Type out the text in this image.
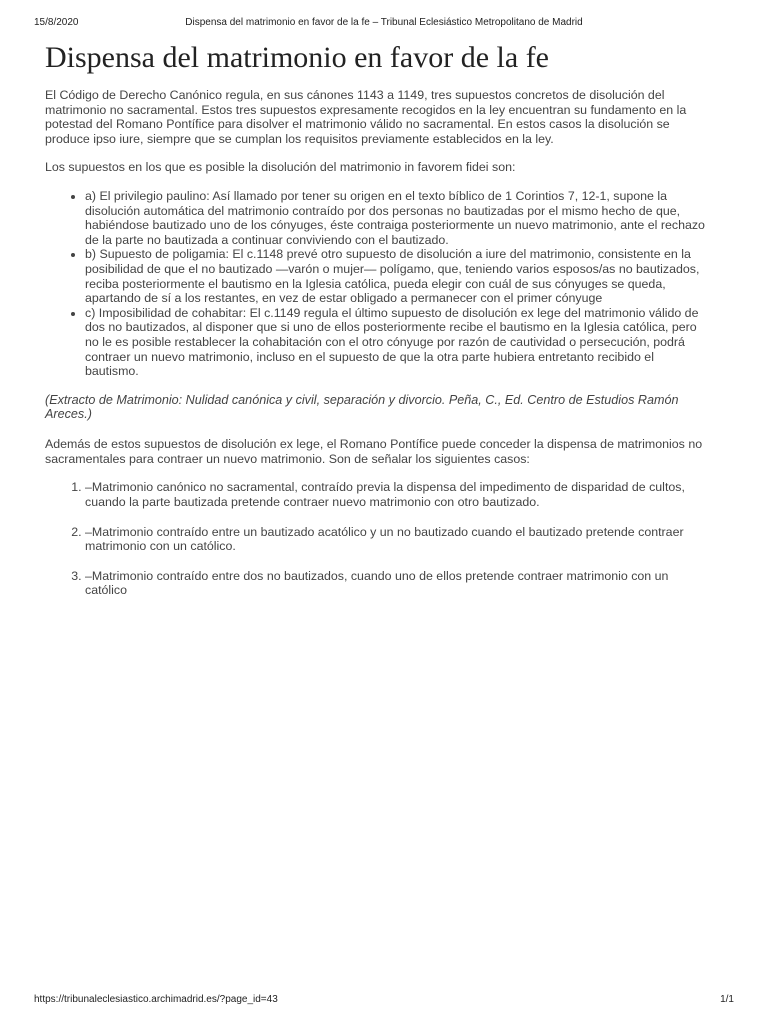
15/8/2020	Dispensa del matrimonio en favor de la fe – Tribunal Eclesiástico Metropolitano de Madrid
Dispensa del matrimonio en favor de la fe

El Código de Derecho Canónico regula, en sus cánones 1143 a 1149, tres supuestos concretos de disolución del matrimonio no sacramental. Estos tres supuestos expresamente recogidos en la ley encuentran su fundamento en la potestad del Romano Pontífice para disolver el matrimonio válido no sacramental. En estos casos la disolución se produce ipso iure, siempre que se cumplan los requisitos previamente establecidos en la ley.

Los supuestos en los que es posible la disolución del matrimonio in favorem fidei son:

• a) El privilegio paulino: Así llamado por tener su origen en el texto bíblico de 1 Corintios 7, 12-1, supone la disolución automática del matrimonio contraído por dos personas no bautizadas por el mismo hecho de que, habiéndose bautizado uno de los cónyuges, éste contraiga posteriormente un nuevo matrimonio, ante el rechazo de la parte no bautizada a continuar conviviendo con el bautizado.
• b) Supuesto de poligamia: El c.1148 prevé otro supuesto de disolución a iure del matrimonio, consistente en la posibilidad de que el no bautizado —varón o mujer— polígamo, que, teniendo varios esposos/as no bautizados, reciba posteriormente el bautismo en la Iglesia católica, pueda elegir con cuál de sus cónyuges se queda, apartando de sí a los restantes, en vez de estar obligado a permanecer con el primer cónyuge
• c) Imposibilidad de cohabitar: El c.1149 regula el último supuesto de disolución ex lege del matrimonio válido de dos no bautizados, al disponer que si uno de ellos posteriormente recibe el bautismo en la Iglesia católica, pero no le es posible restablecer la cohabitación con el otro cónyuge por razón de cautividad o persecución, podrá contraer un nuevo matrimonio, incluso en el supuesto de que la otra parte hubiera entretanto recibido el bautismo.

(Extracto de Matrimonio: Nulidad canónica y civil, separación y divorcio. Peña, C., Ed. Centro de Estudios Ramón Areces.)

Además de estos supuestos de disolución ex lege, el Romano Pontífice puede conceder la dispensa de matrimonios no sacramentales para contraer un nuevo matrimonio. Son de señalar los siguientes casos:

1. –Matrimonio canónico no sacramental, contraído previa la dispensa del impedimento de disparidad de cultos, cuando la parte bautizada pretende contraer nuevo matrimonio con otro bautizado.
2. –Matrimonio contraído entre un bautizado acatólico y un no bautizado cuando el bautizado pretende contraer matrimonio con un católico.
3. –Matrimonio contraído entre dos no bautizados, cuando uno de ellos pretende contraer matrimonio con un católico
https://tribunaleclesiastico.archimadrid.es/?page_id=43	1/1
